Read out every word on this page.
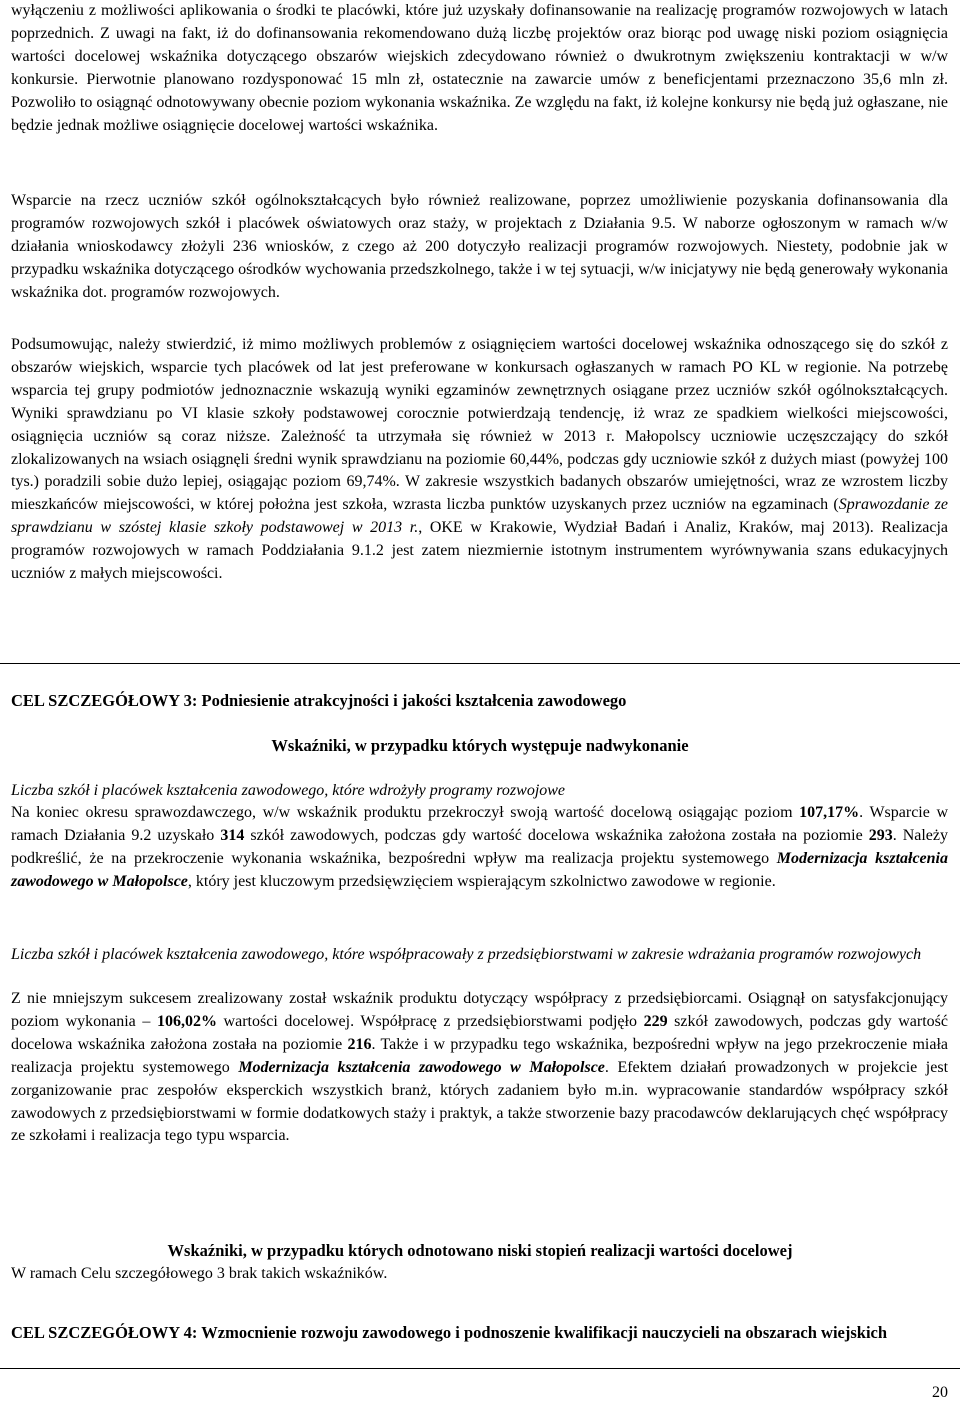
wyłączeniu z możliwości aplikowania o środki te placówki, które już uzyskały dofinansowanie na realizację programów rozwojowych w latach poprzednich. Z uwagi na fakt, iż do dofinansowania rekomendowano dużą liczbę projektów oraz biorąc pod uwagę niski poziom osiągnięcia wartości docelowej wskaźnika dotyczącego obszarów wiejskich zdecydowano również o dwukrotnym zwiększeniu kontraktacji w w/w konkursie. Pierwotnie planowano rozdysponować 15 mln zł, ostatecznie na zawarcie umów z beneficjentami przeznaczono 35,6 mln zł. Pozwoliło to osiągnąć odnotowywany obecnie poziom wykonania wskaźnika. Ze względu na fakt, iż kolejne konkursy nie będą już ogłaszane, nie będzie jednak możliwe osiągnięcie docelowej wartości wskaźnika.

Wsparcie na rzecz uczniów szkół ogólnokształcących było również realizowane, poprzez umożliwienie pozyskania dofinansowania dla programów rozwojowych szkół i placówek oświatowych oraz staży, w projektach z Działania 9.5. W naborze ogłoszonym w ramach w/w działania wnioskodawcy złożyli 236 wniosków, z czego aż 200 dotyczyło realizacji programów rozwojowych. Niestety, podobnie jak w przypadku wskaźnika dotyczącego ośrodków wychowania przedszkolnego, także i w tej sytuacji, w/w inicjatywy nie będą generowały wykonania wskaźnika dot. programów rozwojowych.

Podsumowując, należy stwierdzić, iż mimo możliwych problemów z osiągnięciem wartości docelowej wskaźnika odnoszącego się do szkół z obszarów wiejskich, wsparcie tych placówek od lat jest preferowane w konkursach ogłaszanych w ramach PO KL w regionie. Na potrzebę wsparcia tej grupy podmiotów jednoznacznie wskazują wyniki egzaminów zewnętrznych osiągane przez uczniów szkół ogólnokształcących. Wyniki sprawdzianu po VI klasie szkoły podstawowej corocznie potwierdzają tendencję, iż wraz ze spadkiem wielkości miejscowości, osiągnięcia uczniów są coraz niższe. Zależność ta utrzymała się również w 2013 r. Małopolscy uczniowie uczęszczający do szkół zlokalizowanych na wsiach osiągnęli średni wynik sprawdzianu na poziomie 60,44%, podczas gdy uczniowie szkół z dużych miast (powyżej 100 tys.) poradzili sobie dużo lepiej, osiągając poziom 69,74%. W zakresie wszystkich badanych obszarów umiejętności, wraz ze wzrostem liczby mieszkańców miejscowości, w której położna jest szkoła, wzrasta liczba punktów uzyskanych przez uczniów na egzaminach (Sprawozdanie ze sprawdzianu w szóstej klasie szkoły podstawowej w 2013 r., OKE w Krakowie, Wydział Badań i Analiz, Kraków, maj 2013). Realizacja programów rozwojowych w ramach Poddziałania 9.1.2 jest zatem niezmiernie istotnym instrumentem wyrównywania szans edukacyjnych uczniów z małych miejscowości.

CEL SZCZEGÓŁOWY 3: Podniesienie atrakcyjności i jakości kształcenia zawodowego

Wskaźniki, w przypadku których występuje nadwykonanie

Liczba szkół i placówek kształcenia zawodowego, które wdrożyły programy rozwojowe

Na koniec okresu sprawozdawczego, w/w wskaźnik produktu przekroczył swoją wartość docelową osiągając poziom 107,17%. Wsparcie w ramach Działania 9.2 uzyskało 314 szkół zawodowych, podczas gdy wartość docelowa wskaźnika założona została na poziomie 293. Należy podkreślić, że na przekroczenie wykonania wskaźnika, bezpośredni wpływ ma realizacja projektu systemowego Modernizacja kształcenia zawodowego w Małopolsce, który jest kluczowym przedsięwzięciem wspierającym szkolnictwo zawodowe w regionie.

Liczba szkół i placówek kształcenia zawodowego, które współpracowały z przedsiębiorstwami w zakresie wdrażania programów rozwojowych

Z nie mniejszym sukcesem zrealizowany został wskaźnik produktu dotyczący współpracy z przedsiębiorcami. Osiągnął on satysfakcjonujący poziom wykonania – 106,02% wartości docelowej. Współpracę z przedsiębiorstwami podjęło 229 szkół zawodowych, podczas gdy wartość docelowa wskaźnika założona została na poziomie 216. Także i w przypadku tego wskaźnika, bezpośredni wpływ na jego przekroczenie miała realizacja projektu systemowego Modernizacja kształcenia zawodowego w Małopolsce. Efektem działań prowadzonych w projekcie jest zorganizowanie prac zespołów eksperckich wszystkich branż, których zadaniem było m.in. wypracowanie standardów współpracy szkół zawodowych z przedsiębiorstwami w formie dodatkowych staży i praktyk, a także stworzenie bazy pracodawców deklarujących chęć współpracy ze szkołami i realizacja tego typu wsparcia.

Wskaźniki, w przypadku których odnotowano niski stopień realizacji wartości docelowej

W ramach Celu szczegółowego 3 brak takich wskaźników.

CEL SZCZEGÓŁOWY 4: Wzmocnienie rozwoju zawodowego i podnoszenie kwalifikacji nauczycieli na obszarach wiejskich

20
